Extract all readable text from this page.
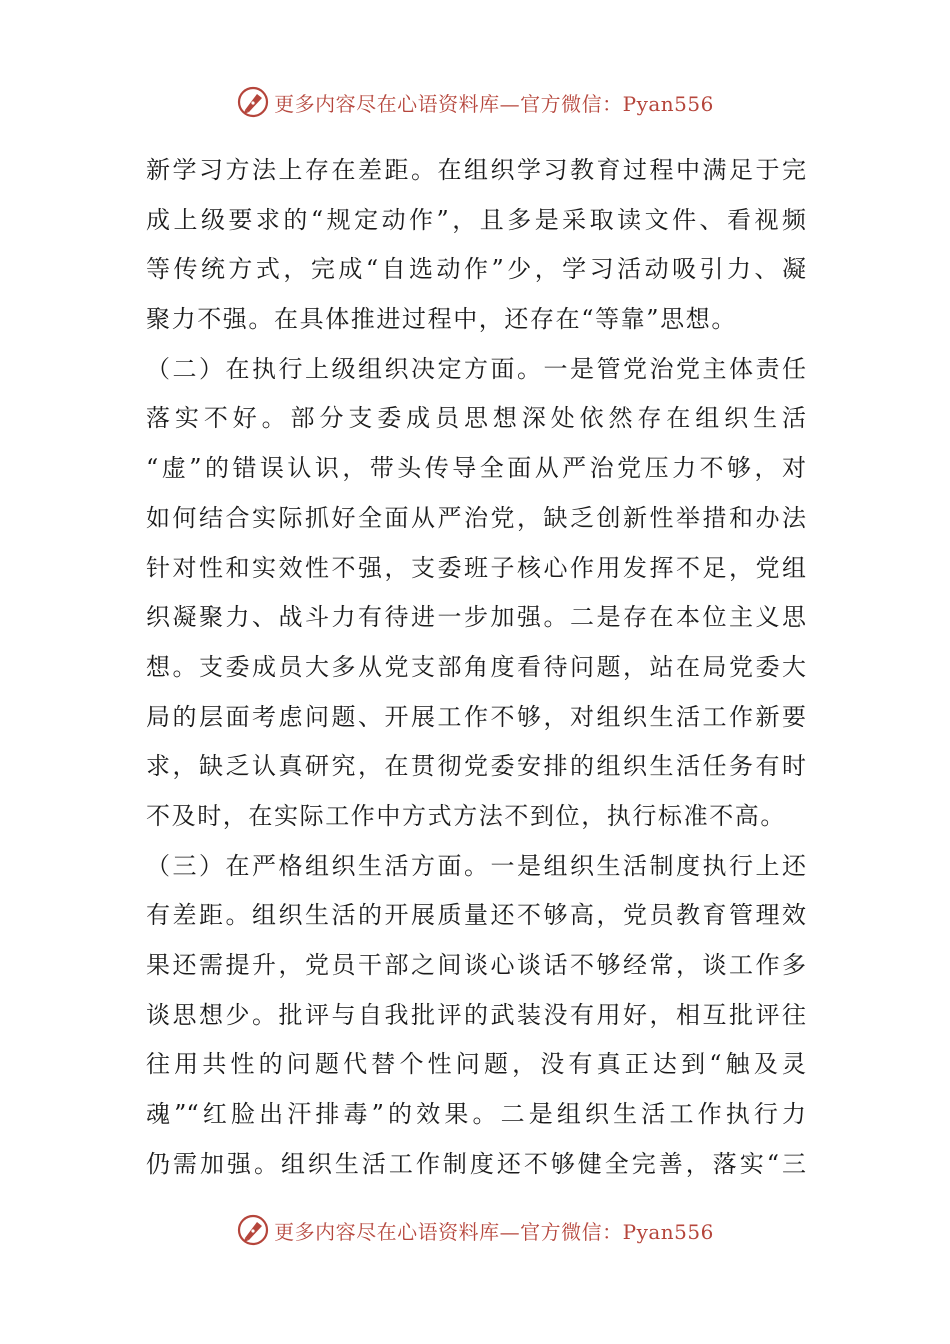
更多内容尽在心语资料库—官方微信：Pyan556
新学习方法上存在差距。在组织学习教育过程中满足于完
成上级要求的“规定动作”，且多是采取读文件、看视频
等传统方式，完成“自选动作”少，学习活动吸引力、凝
聚力不强。在具体推进过程中，还存在“等靠”思想。
（二）在执行上级组织决定方面。一是管党治党主体责任
落实不好。部分支委成员思想深处依然存在组织生活
“虚”的错误认识，带头传导全面从严治党压力不够，对
如何结合实际抓好全面从严治党，缺乏创新性举措和办法
针对性和实效性不强，支委班子核心作用发挥不足，党组
织凝聚力、战斗力有待进一步加强。二是存在本位主义思
想。支委成员大多从党支部角度看待问题，站在局党委大
局的层面考虑问题、开展工作不够，对组织生活工作新要
求，缺乏认真研究，在贯彻党委安排的组织生活任务有时
不及时，在实际工作中方式方法不到位，执行标准不高。
（三）在严格组织生活方面。一是组织生活制度执行上还
有差距。组织生活的开展质量还不够高，党员教育管理效
果还需提升，党员干部之间谈心谈话不够经常，谈工作多
谈思想少。批评与自我批评的武装没有用好，相互批评往
往用共性的问题代替个性问题，没有真正达到“触及灵
魂”“红脸出汗排毒”的效果。二是组织生活工作执行力
仍需加强。组织生活工作制度还不够健全完善，落实“三
更多内容尽在心语资料库—官方微信：Pyan556
